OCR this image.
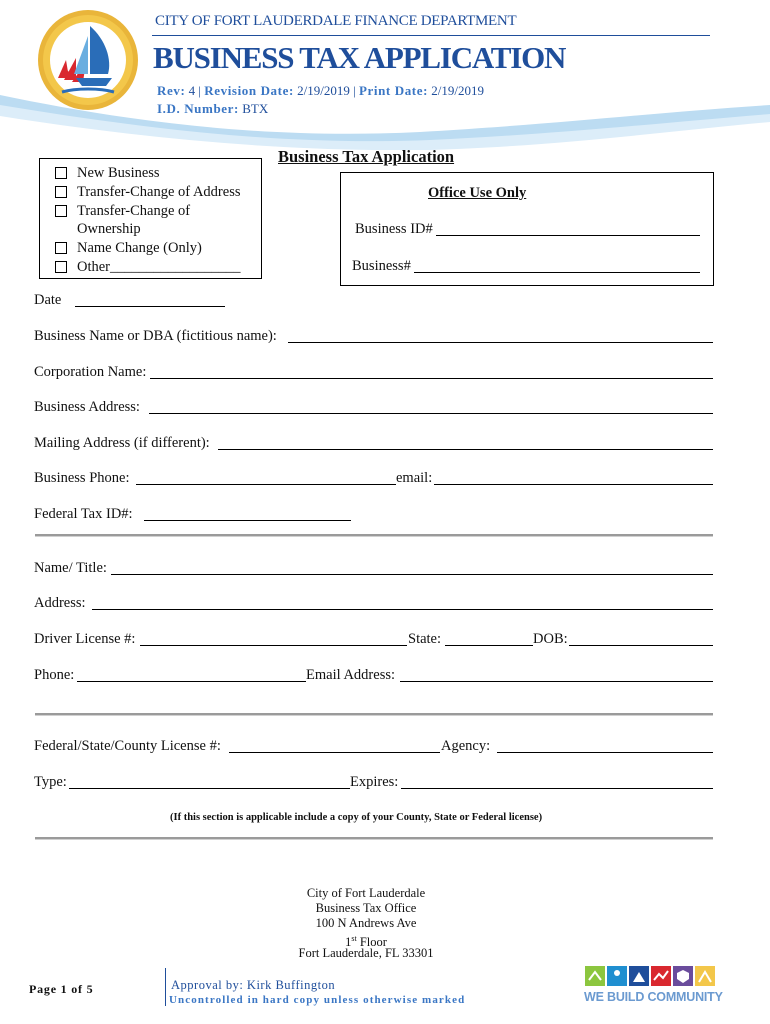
CITY OF FORT LAUDERDALE FINANCE DEPARTMENT
BUSINESS TAX APPLICATION
Rev: 4 | Revision Date: 2/19/2019 | Print Date: 2/19/2019
I.D. Number: BTX
New Business
Transfer-Change of Address
Transfer-Change of
Ownership
Name Change (Only)
Other__________________
Business Tax Application
Office Use Only
Business ID#
Business#
Date
Business Name or DBA (fictitious name):
Corporation Name:
Business Address:
Mailing Address (if different):
Business Phone:	email:
Federal Tax ID#:
Name/ Title:
Address:
Driver License #:	State:	DOB:
Phone:	Email Address:
Federal/State/County License #:	Agency:
Type:	Expires:
(If this section is applicable include a copy of your County, State or Federal license)
City of Fort Lauderdale
Business Tax Office
100 N Andrews Ave
1st Floor
Fort Lauderdale, FL 33301
Page 1 of 5	Approval by: Kirk Buffington
Uncontrolled in hard copy unless otherwise marked	WE BUILD COMMUNITY
